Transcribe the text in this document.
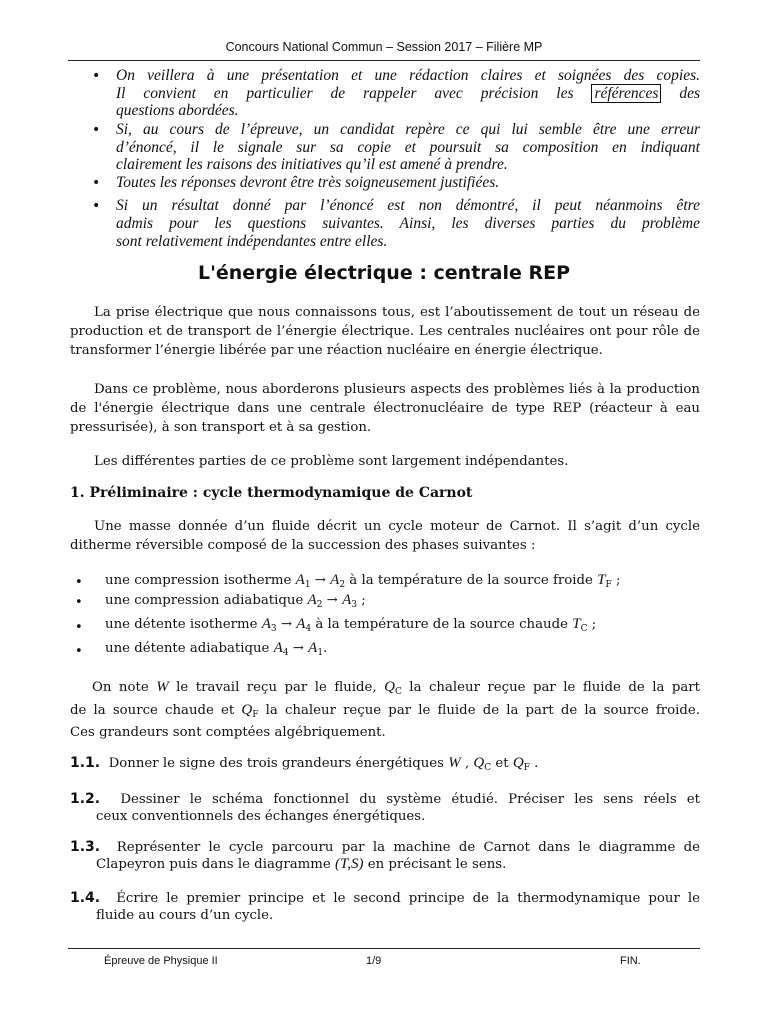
Concours National Commun – Session 2017 – Filière MP
• On veillera à une présentation et une rédaction claires et soignées des copies.
Il convient en particulier de rappeler avec précision les références des
questions abordées.
• Si, au cours de l’épreuve, un candidat repère ce qui lui semble être une erreur
d’énoncé, il le signale sur sa copie et poursuit sa composition en indiquant
clairement les raisons des initiatives qu’il est amené à prendre.
• Toutes les réponses devront être très soigneusement justifiées.
• Si un résultat donné par l’énoncé est non démontré, il peut néanmoins être
admis pour les questions suivantes. Ainsi, les diverses parties du problème
sont relativement indépendantes entre elles.
L'énergie électrique : centrale REP
La prise électrique que nous connaissons tous, est l’aboutissement de tout un réseau de production et de transport de l’énergie électrique. Les centrales nucléaires ont pour rôle de transformer l’énergie libérée par une réaction nucléaire en énergie électrique.
Dans ce problème, nous aborderons plusieurs aspects des problèmes liés à la production de l'énergie électrique dans une centrale électronucléaire de type REP (réacteur à eau pressurisée), à son transport et à sa gestion.
Les différentes parties de ce problème sont largement indépendantes.
1. Préliminaire : cycle thermodynamique de Carnot
Une masse donnée d’un fluide décrit un cycle moteur de Carnot. Il s’agit d’un cycle ditherme réversible composé de la succession des phases suivantes :
• une compression isotherme $A_1 \to A_2$ à la température de la source froide $T_F$ ;
• une compression adiabatique $A_2 \to A_3$ ;
• une détente isotherme $A_3 \to A_4$ à la température de la source chaude $T_C$ ;
• une détente adiabatique $A_4 \to A_1$.
On note W le travail reçu par le fluide, $Q_C$ la chaleur reçue par le fluide de la part
de la source chaude et $Q_F$ la chaleur reçue par le fluide de la part de la source froide.
Ces grandeurs sont comptées algébriquement.
1.1. Donner le signe des trois grandeurs énergétiques W , $Q_C$ et $Q_F$ .
1.2. Dessiner le schéma fonctionnel du système étudié. Préciser les sens réels et
ceux conventionnels des échanges énergétiques.
1.3. Représenter le cycle parcouru par la machine de Carnot dans le diagramme de
Clapeyron puis dans le diagramme (T,S) en précisant le sens.
1.4. Écrire le premier principe et le second principe de la thermodynamique pour le
fluide au cours d’un cycle.
Épreuve de Physique II	1/9	FIN.
